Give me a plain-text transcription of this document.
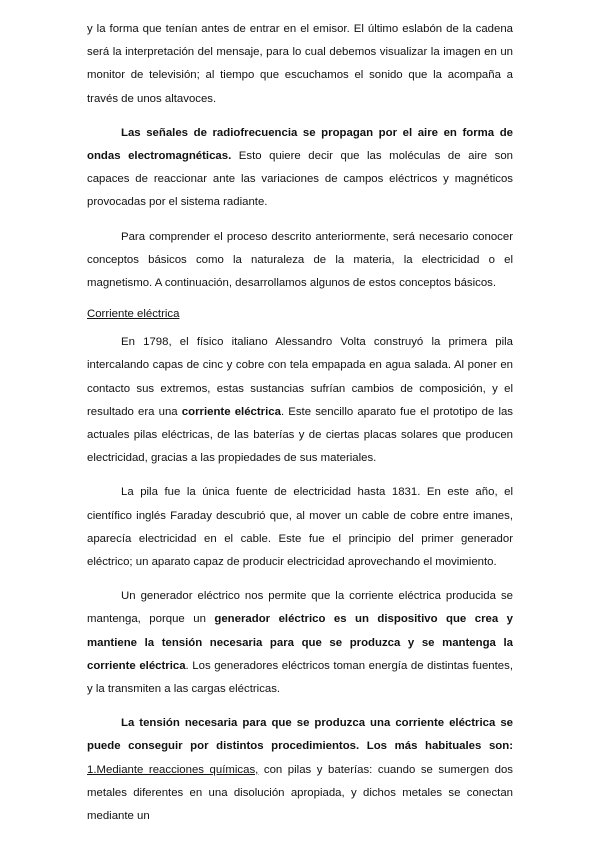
y la forma que tenían antes de entrar en el emisor. El último eslabón de la cadena será la interpretación del mensaje, para lo cual debemos visualizar la imagen en un monitor de televisión; al tiempo que escuchamos el sonido que la acompaña a través de unos altavoces.

Las señales de radiofrecuencia se propagan por el aire en forma de ondas electromagnéticas. Esto quiere decir que las moléculas de aire son capaces de reaccionar ante las variaciones de campos eléctricos y magnéticos provocadas por el sistema radiante.

Para comprender el proceso descrito anteriormente, será necesario conocer conceptos básicos como la naturaleza de la materia, la electricidad o el magnetismo. A continuación, desarrollamos algunos de estos conceptos básicos.

Corriente eléctrica

En 1798, el físico italiano Alessandro Volta construyó la primera pila intercalando capas de cinc y cobre con tela empapada en agua salada. Al poner en contacto sus extremos, estas sustancias sufrían cambios de composición, y el resultado era una corriente eléctrica. Este sencillo aparato fue el prototipo de las actuales pilas eléctricas, de las baterías y de ciertas placas solares que producen electricidad, gracias a las propiedades de sus materiales.

La pila fue la única fuente de electricidad hasta 1831. En este año, el científico inglés Faraday descubrió que, al mover un cable de cobre entre imanes, aparecía electricidad en el cable. Este fue el principio del primer generador eléctrico; un aparato capaz de producir electricidad aprovechando el movimiento.

Un generador eléctrico nos permite que la corriente eléctrica producida se mantenga, porque un generador eléctrico es un dispositivo que crea y mantiene la tensión necesaria para que se produzca y se mantenga la corriente eléctrica. Los generadores eléctricos toman energía de distintas fuentes, y la transmiten a las cargas eléctricas.

La tensión necesaria para que se produzca una corriente eléctrica se puede conseguir por distintos procedimientos. Los más habituales son: 1.Mediante reacciones químicas, con pilas y baterías: cuando se sumergen dos metales diferentes en una disolución apropiada, y dichos metales se conectan mediante un
